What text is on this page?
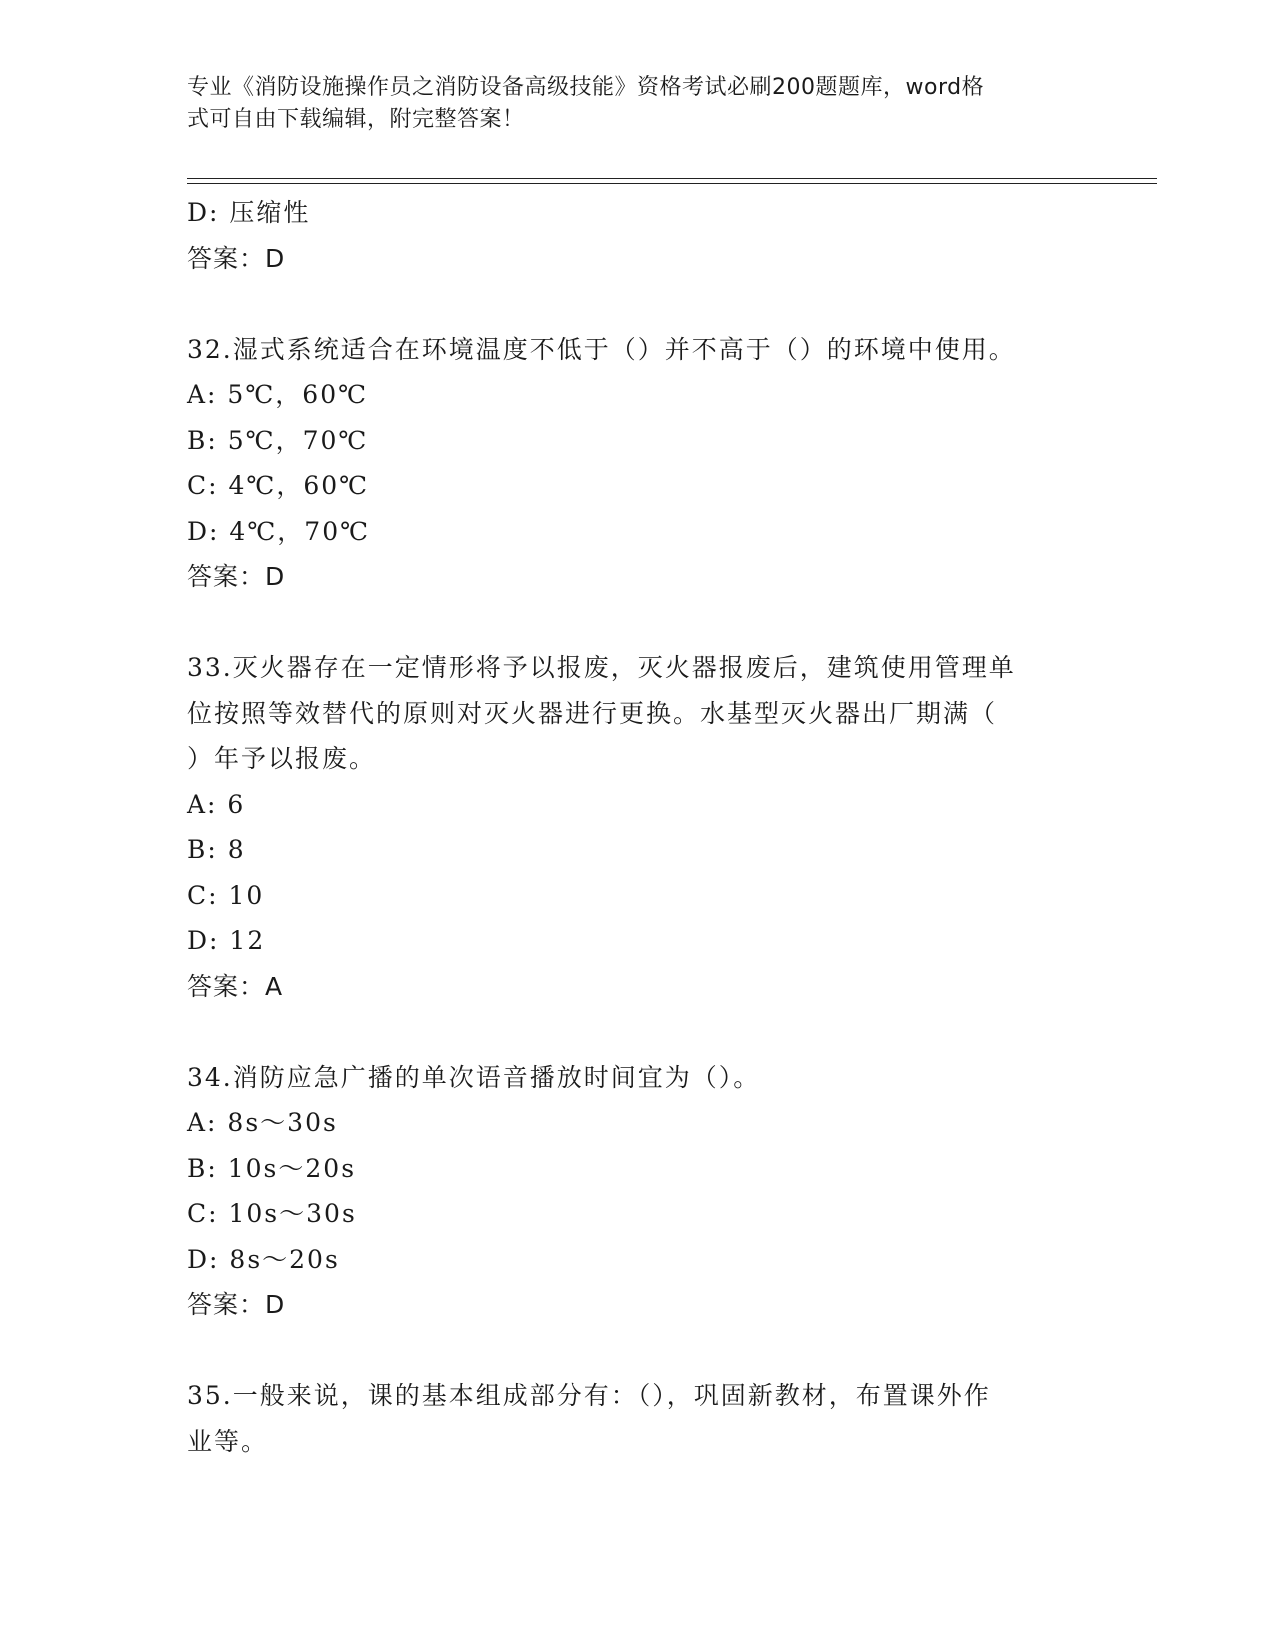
专业《消防设施操作员之消防设备高级技能》资格考试必刷200题题库，word格
式可自由下载编辑，附完整答案！
D: 压缩性
答案：D
32.湿式系统适合在环境温度不低于（）并不高于（）的环境中使用。
A: 5℃，60℃
B: 5℃，70℃
C: 4℃，60℃
D: 4℃，70℃
答案：D
33.灭火器存在一定情形将予以报废，灭火器报废后，建筑使用管理单
位按照等效替代的原则对灭火器进行更换。水基型灭火器出厂期满（
）年予以报废。
A: 6
B: 8
C: 10
D: 12
答案：A
34.消防应急广播的单次语音播放时间宜为（）。
A: 8s～30s
B: 10s～20s
C: 10s～30s
D: 8s～20s
答案：D
35.一般来说，课的基本组成部分有：（），巩固新教材，布置课外作
业等。
